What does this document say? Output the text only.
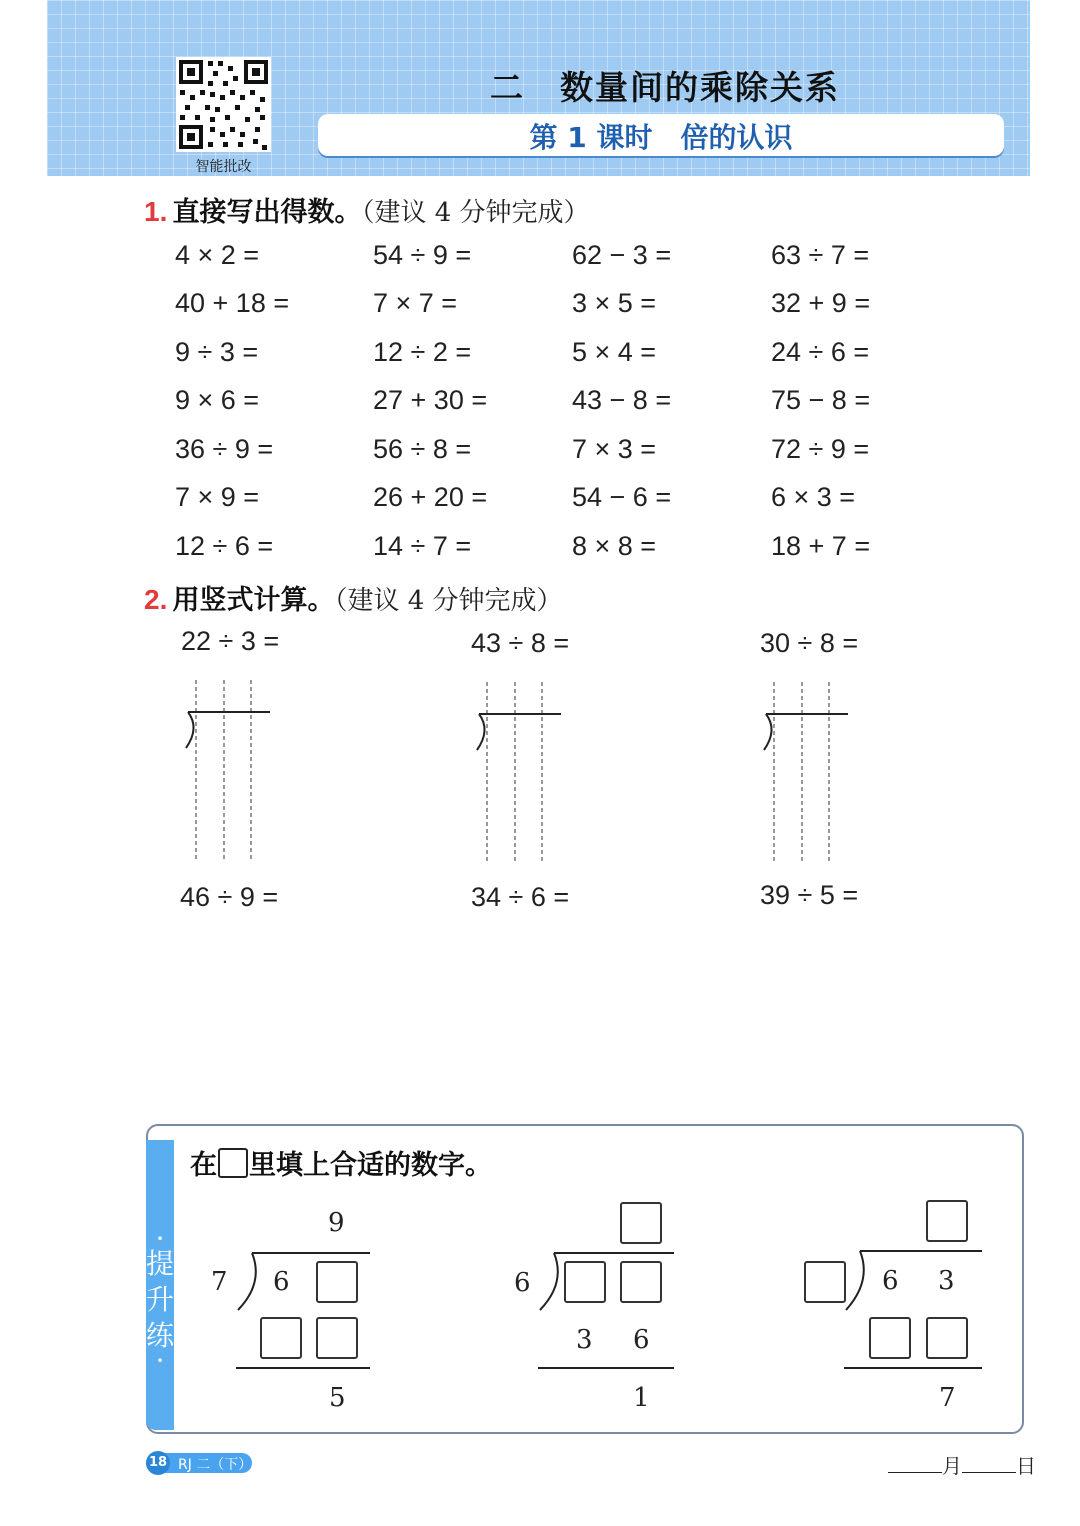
智能批改
二　数量间的乘除关系
第 1 课时　倍的认识
1. 直接写出得数。（建议 4 分钟完成）
4 × 2 =	54 ÷ 9 =	62 − 3 =	63 ÷ 7 =
40 + 18 =	7 × 7 =	3 × 5 =	32 + 9 =
9 ÷ 3 =	12 ÷ 2 =	5 × 4 =	24 ÷ 6 =
9 × 6 =	27 + 30 =	43 − 8 =	75 − 8 =
36 ÷ 9 =	56 ÷ 8 =	7 × 3 =	72 ÷ 9 =
7 × 9 =	26 + 20 =	54 − 6 =	6 × 3 =
12 ÷ 6 =	14 ÷ 7 =	8 × 8 =	18 + 7 =
2. 用竖式计算。（建议 4 分钟完成）
22 ÷ 3 =	43 ÷ 8 =	30 ÷ 8 =
46 ÷ 9 =	34 ÷ 6 =	39 ÷ 5 =
•
提
升
练
•
在 里填上合适的数字。
9
7 6
5
6
3 6
1
6 3
7
18 RJ 二（下）	月	日
